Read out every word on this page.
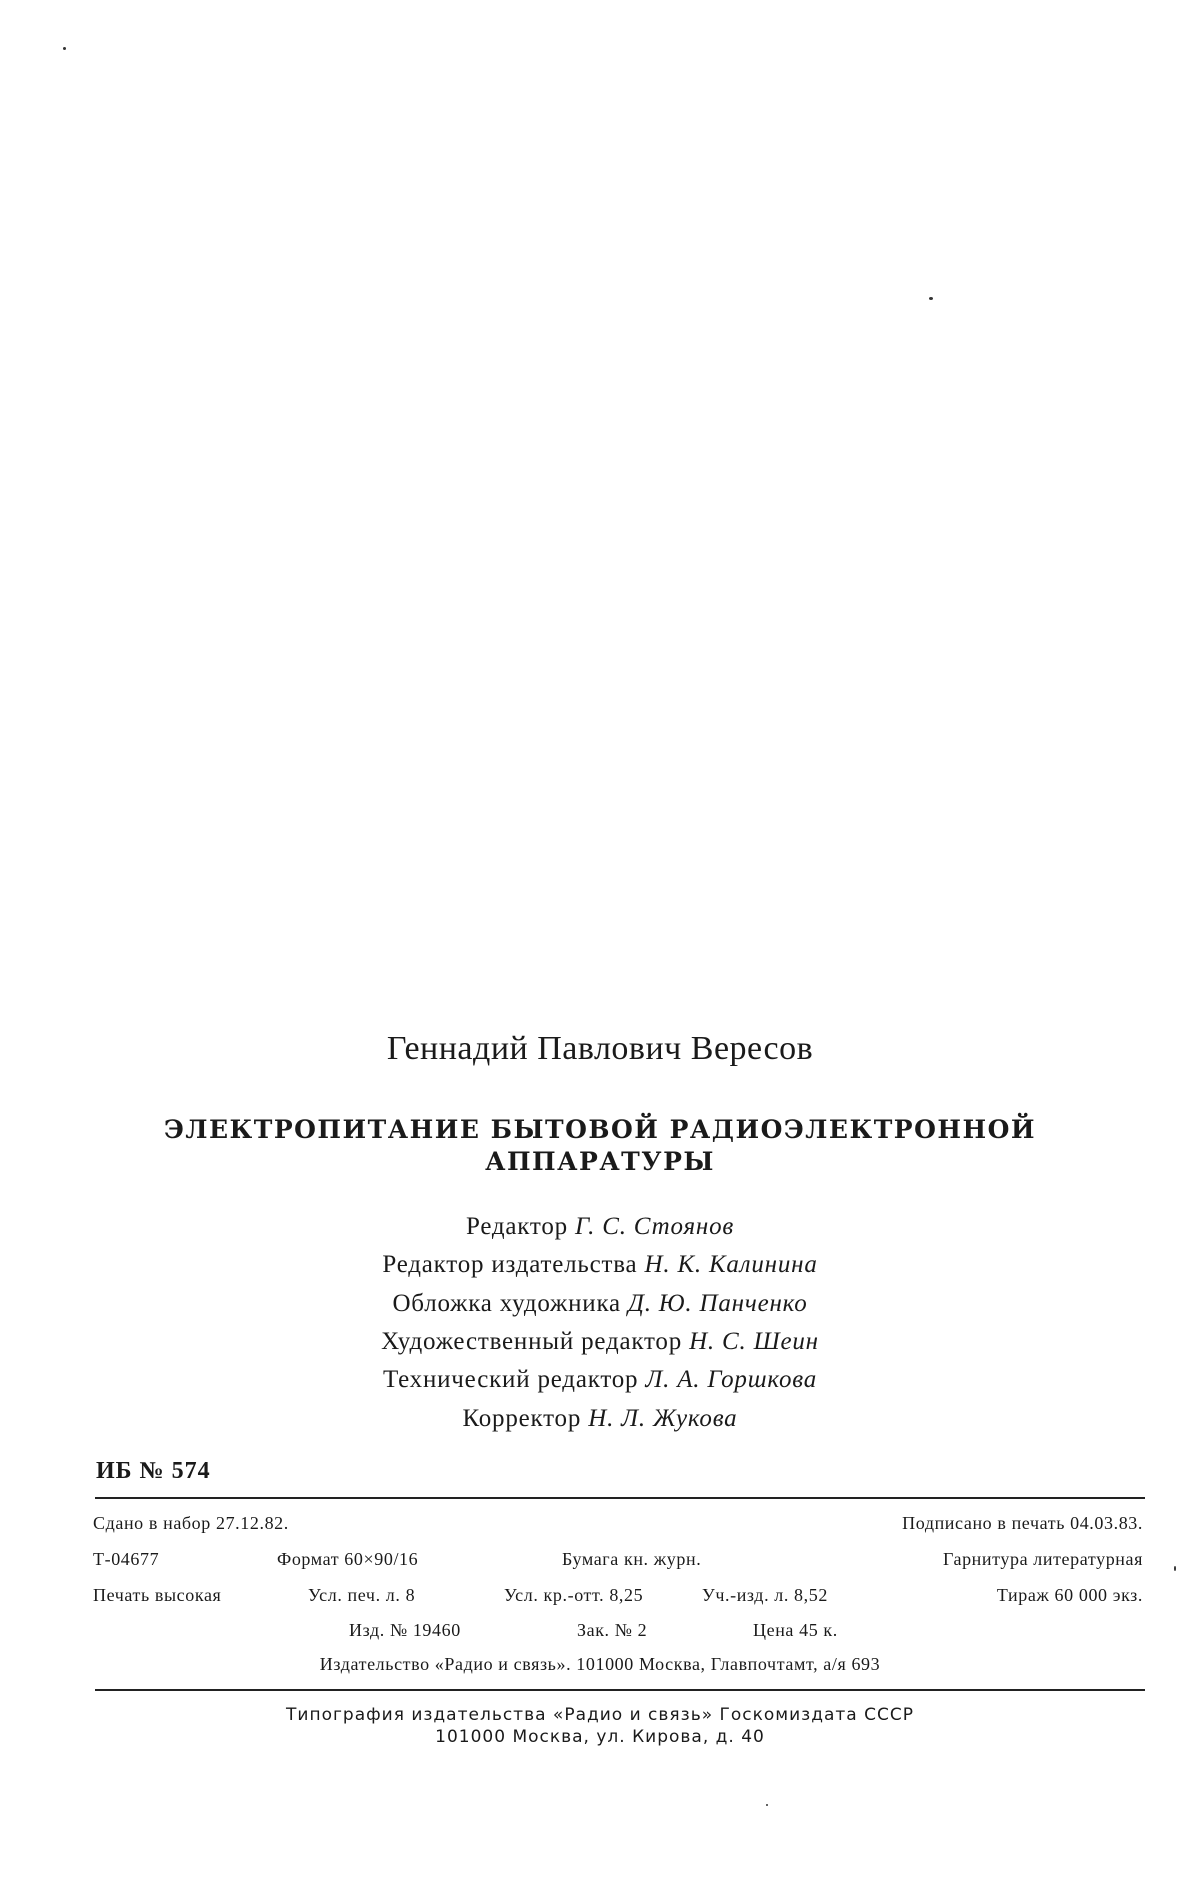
Геннадий Павлович Вересов
ЭЛЕКТРОПИТАНИЕ БЫТОВОЙ РАДИОЭЛЕКТРОННОЙ
АППАРАТУРЫ
Редактор Г. С. Стоянов
Редактор издательства Н. К. Калинина
Обложка художника Д. Ю. Панченко
Художественный редактор Н. С. Шеин
Технический редактор Л. А. Горшкова
Корректор Н. Л. Жукова
ИБ № 574
Сдано в набор 27.12.82.	Подписано в печать 04.03.83.
Т-04677	Формат 60×90/16	Бумага кн. журн.	Гарнитура литературная
Печать высокая	Усл. печ. л. 8	Усл. кр.-отт. 8,25	Уч.-изд. л. 8,52	Тираж 60 000 экз.
Изд. № 19460	Зак. № 2	Цена 45 к.
Издательство «Радио и связь». 101000 Москва, Главпочтамт, а/я 693
Типография издательства «Радио и связь» Госкомиздата СССР
101000 Москва, ул. Кирова, д. 40
